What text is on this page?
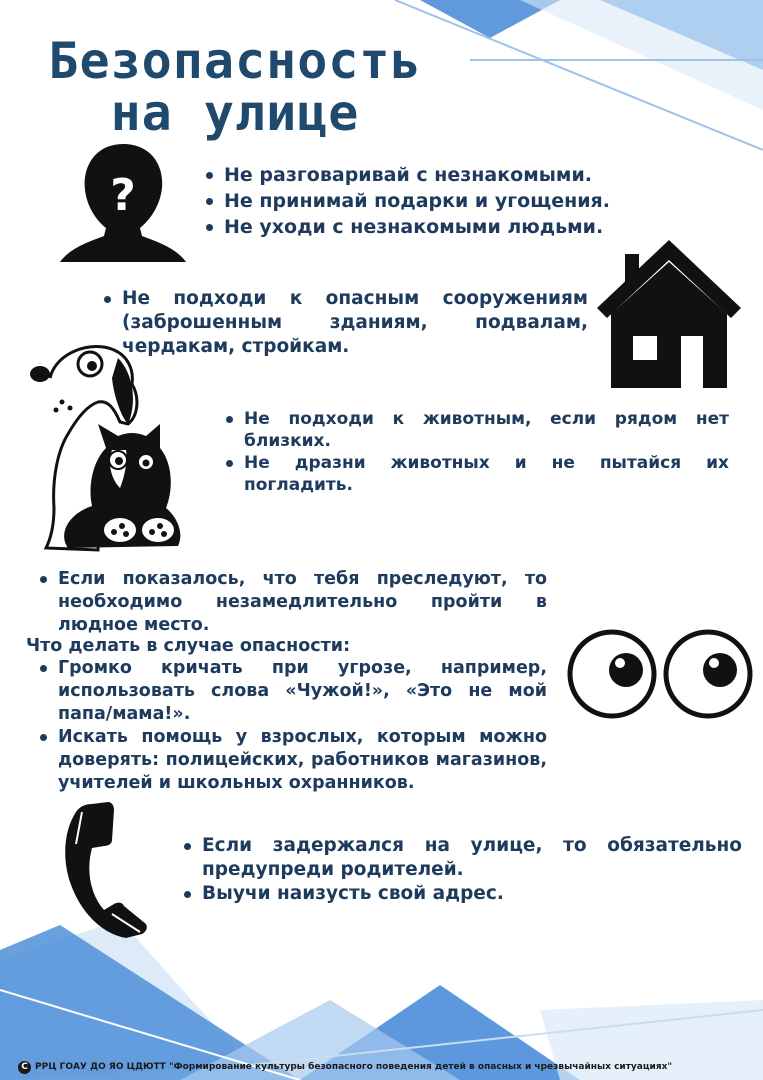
Безопасность
на улице
?	Не разговаривай с незнакомыми.
Не принимай подарки и угощения.
Не уходи с незнакомыми людьми.
Не подходи к опасным сооружениям (заброшенным зданиям, подвалам, чердакам, стройкам.
Не подходи к животным, если рядом нет близких.
Не дразни животных и не пытайся их погладить.
Если показалось, что тебя преследуют, то необходимо незамедлительно пройти в людное место.
Что делать в случае опасности:
Громко кричать при угрозе, например, использовать слова «Чужой!», «Это не мой папа/мама!».
Искать помощь у взрослых, которым можно доверять: полицейских, работников магазинов, учителей и школьных охранников.
Если задержался на улице, то обязательно предупреди родителей.
Выучи наизусть свой адрес.
С РРЦ ГОАУ ДО ЯО ЦДЮТТ "Формирование культуры безопасного поведения детей в опасных и чрезвычайных ситуациях"
